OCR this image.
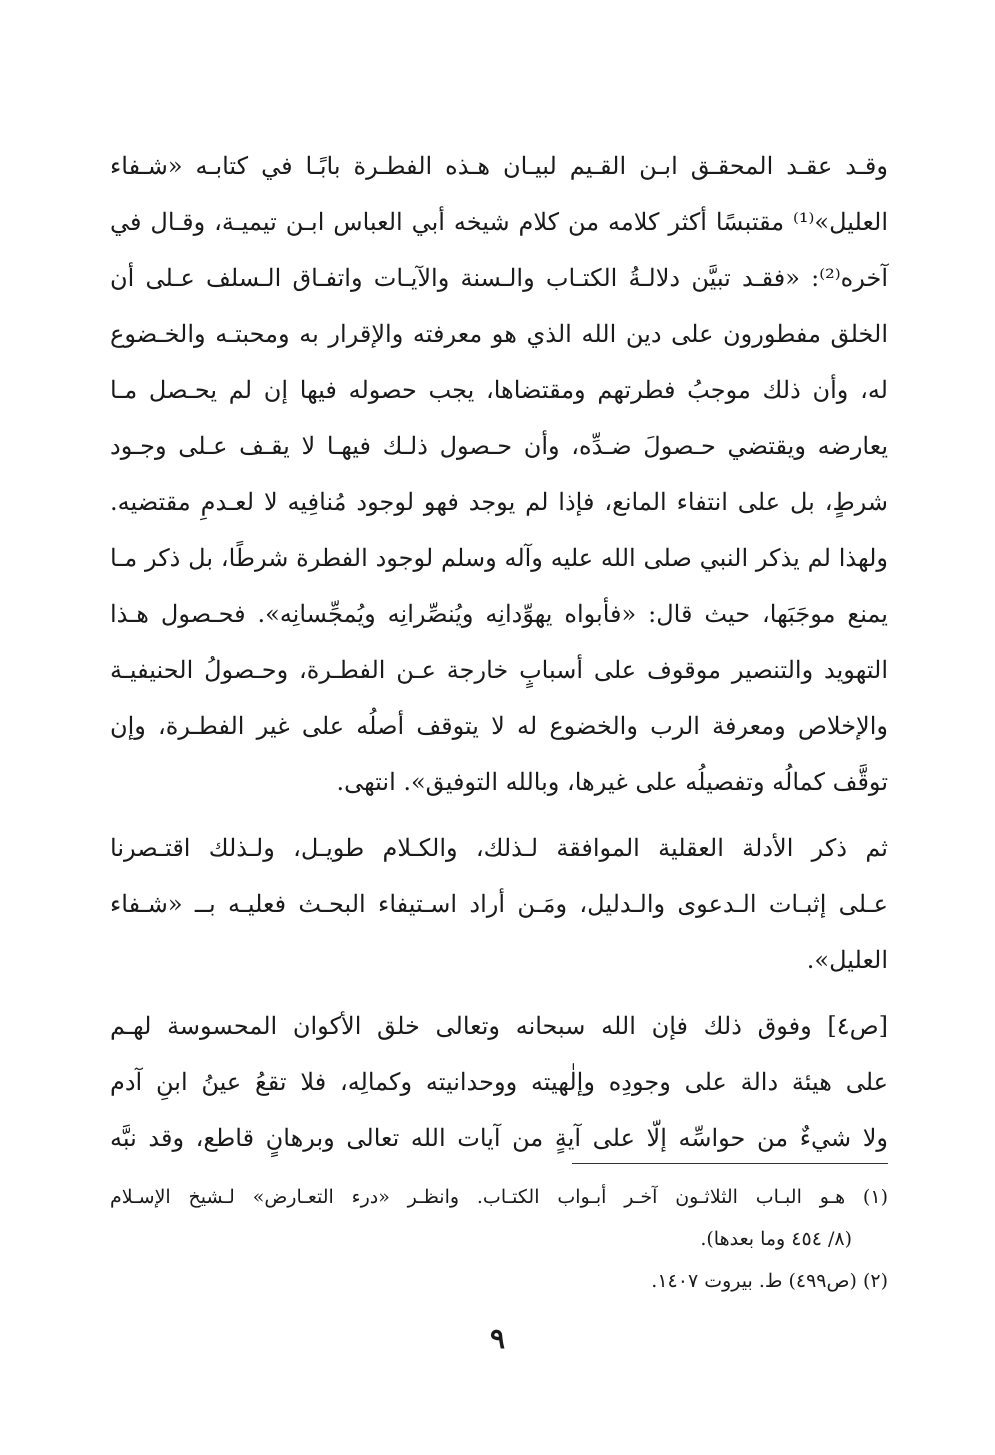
وقـد عقـد المحقـق ابـن القـيم لبيـان هـذه الفطـرة بابًـا في كتابـه «شـفاء
العليل»⁽¹⁾ مقتبسًا أكثر كلامه من كلام شيخه أبي العباس ابـن تيميـة، وقـال في
آخره⁽²⁾: «فقـد تبيَّن دلالـةُ الكتـاب والـسنة والآيـات واتفـاق الـسلف عـلى أن
الخلق مفطورون على دين الله الذي هو معرفته والإقرار به ومحبتـه والخـضوع
له، وأن ذلك موجبُ فطرتهم ومقتضاها، يجب حصوله فيها إن لم يحـصل مـا
يعارضه ويقتضي حـصولَ ضـدِّه، وأن حـصول ذلـك فيهـا لا يقـف عـلى وجـود
شرطٍ، بل على انتفاء المانع، فإذا لم يوجد فهو لوجود مُنافِيه لا لعـدمِ مقتضيه.
ولهذا لم يذكر النبي صلى الله عليه وآله وسلم لوجود الفطرة شرطًا، بل ذكر مـا
يمنع موجَبَها، حيث قال: «فأبواه يهوِّدانِه ويُنصِّرانِه ويُمجِّسانِه». فحـصول هـذا
التهويد والتنصير موقوف على أسبابٍ خارجة عـن الفطـرة، وحـصولُ الحنيفيـة
والإخلاص ومعرفة الرب والخضوع له لا يتوقف أصلُه على غير الفطـرة، وإن
توقَّف كمالُه وتفصيلُه على غيرها، وبالله التوفيق». انتهى.
ثم ذكر الأدلة العقلية الموافقة لـذلك، والكـلام طويـل، ولـذلك اقتـصرنا
عـلى إثبـات الـدعوى والـدليل، ومَـن أراد اسـتيفاء البحـث فعليـه بــ «شـفاء
العليل».
[ص٤] وفوق ذلك فإن الله سبحانه وتعالى خلق الأكوان المحسوسة لهـم
على هيئة دالة على وجودِه وإلٰهيته ووحدانيته وكمالِه، فلا تقعُ عينُ ابنِ آدم
ولا شيءٌ من حواسِّه إلّا على آيةٍ من آيات الله تعالى وبرهانٍ قاطع، وقد نبَّه
(١) هـو البـاب الثلاثـون آخـر أبـواب الكتـاب. وانظـر «درء التعـارض» لـشيخ الإسـلام
(٨/ ٤٥٤ وما بعدها).
(٢) (ص٤٩٩) ط. بيروت ١٤٠٧.
٩
